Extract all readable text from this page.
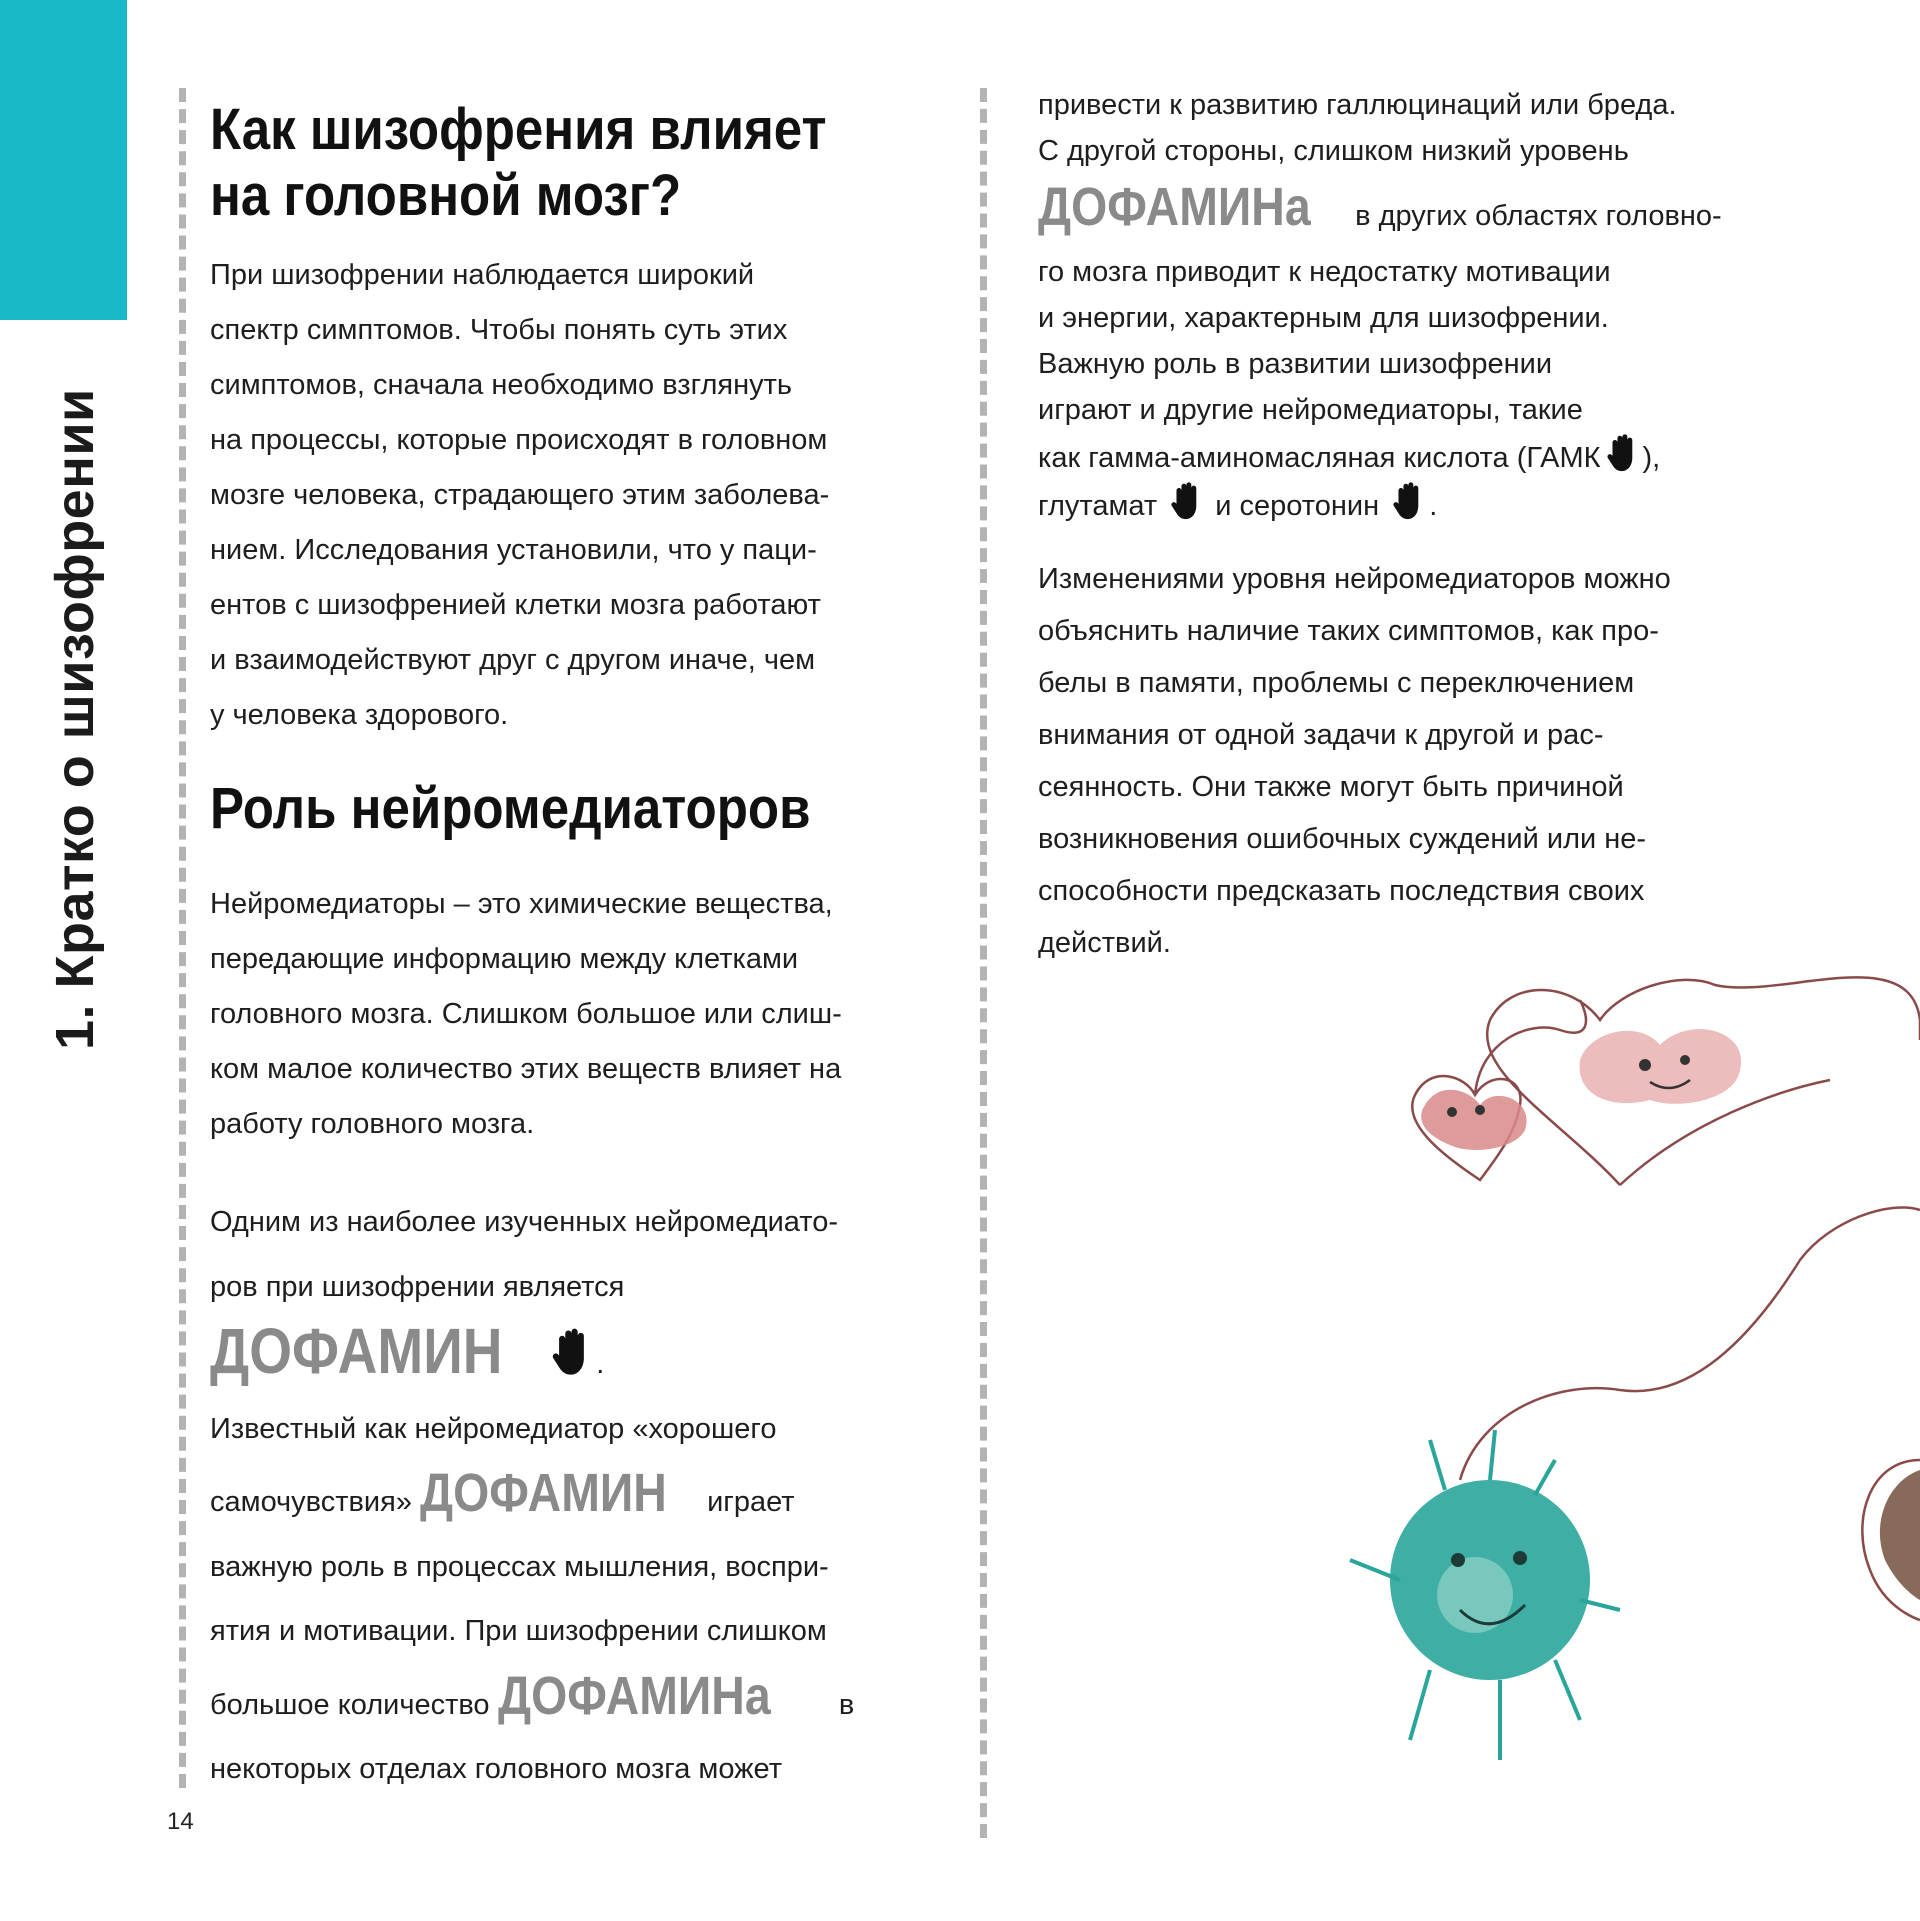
1. Кратко о шизофрении
Как шизофрения влияет
на головной мозг?
При шизофрении наблюдается широкий
спектр симптомов. Чтобы понять суть этих
симптомов, сначала необходимо взглянуть
на процессы, которые происходят в головном
мозге человека, страдающего этим заболева-
нием. Исследования установили, что у паци-
ентов с шизофренией клетки мозга работают
и взаимодействуют друг с другом иначе, чем
у человека здорового.
Роль нейромедиаторов
Нейромедиаторы – это химические вещества,
передающие информацию между клетками
головного мозга. Слишком большое или слиш-
ком малое количество этих веществ влияет на
работу головного мозга.
Одним из наиболее изученных нейромедиато-
ров при шизофрении является
ДОФАМИН	.
Известный как нейромедиатор «хорошего
самочувствия» ДОФАМИН играет
важную роль в процессах мышления, воспри-
ятия и мотивации. При шизофрении слишком
большое количество ДОФАМИНа в
некоторых отделах головного мозга может
привести к развитию галлюцинаций или бреда.
С другой стороны, слишком низкий уровень
ДОФАМИНа в других областях головно-
го мозга приводит к недостатку мотивации
и энергии, характерным для шизофрении.
Важную роль в развитии шизофрении
играют и другие нейромедиаторы, такие
как гамма-аминомасляная кислота (ГАМК ),
глутамат и серотонин .
Изменениями уровня нейромедиаторов можно
объяснить наличие таких симптомов, как про-
белы в памяти, проблемы с переключением
внимания от одной задачи к другой и рас-
сеянность. Они также могут быть причиной
возникновения ошибочных суждений или не-
способности предсказать последствия своих
действий.
14
